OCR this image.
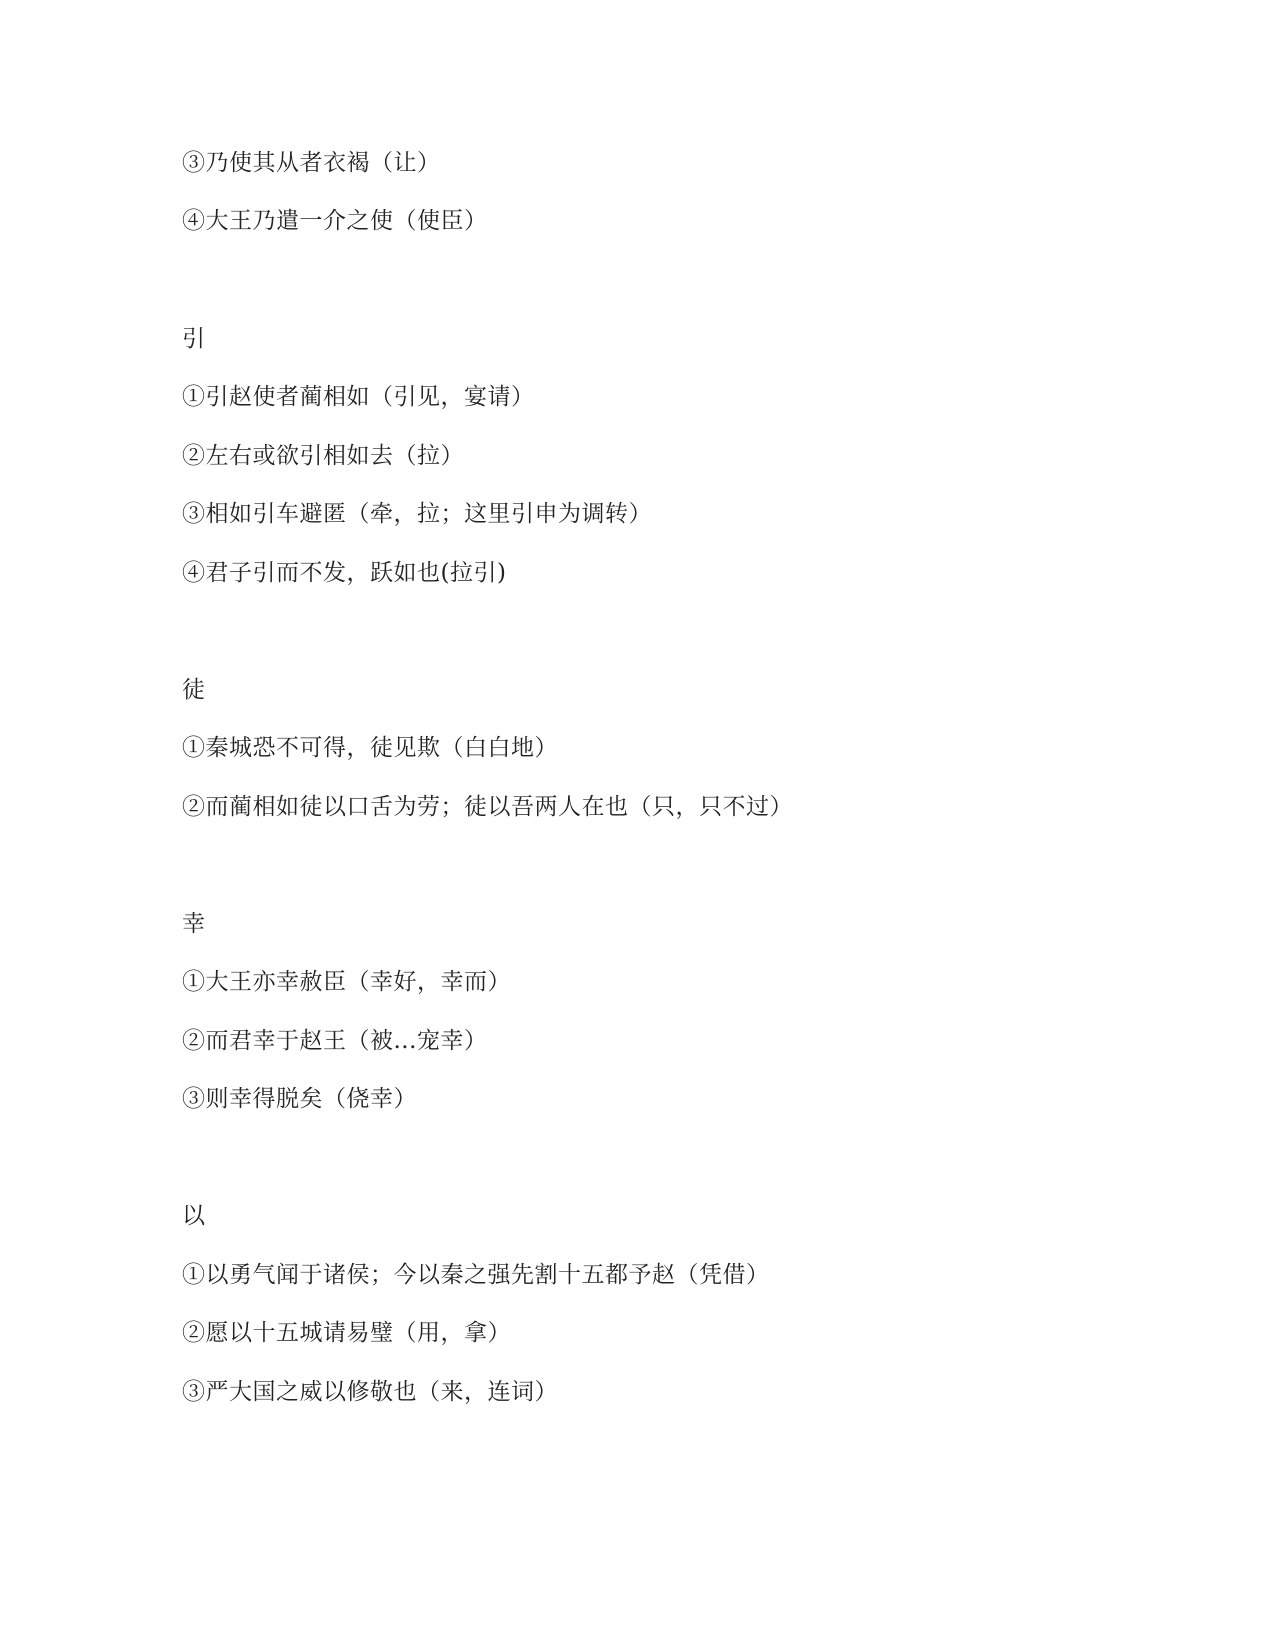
③乃使其从者衣褐（让）
④大王乃遣一介之使（使臣）
引
①引赵使者蔺相如（引见，宴请）
②左右或欲引相如去（拉）
③相如引车避匿（牵，拉；这里引申为调转）
④君子引而不发，跃如也(拉引)
徒
①秦城恐不可得，徒见欺（白白地）
②而蔺相如徒以口舌为劳；徒以吾两人在也（只，只不过）
幸
①大王亦幸赦臣（幸好，幸而）
②而君幸于赵王（被...宠幸）
③则幸得脱矣（侥幸）
以
①以勇气闻于诸侯；今以秦之强先割十五都予赵（凭借）
②愿以十五城请易璧（用，拿）
③严大国之威以修敬也（来，连词）
